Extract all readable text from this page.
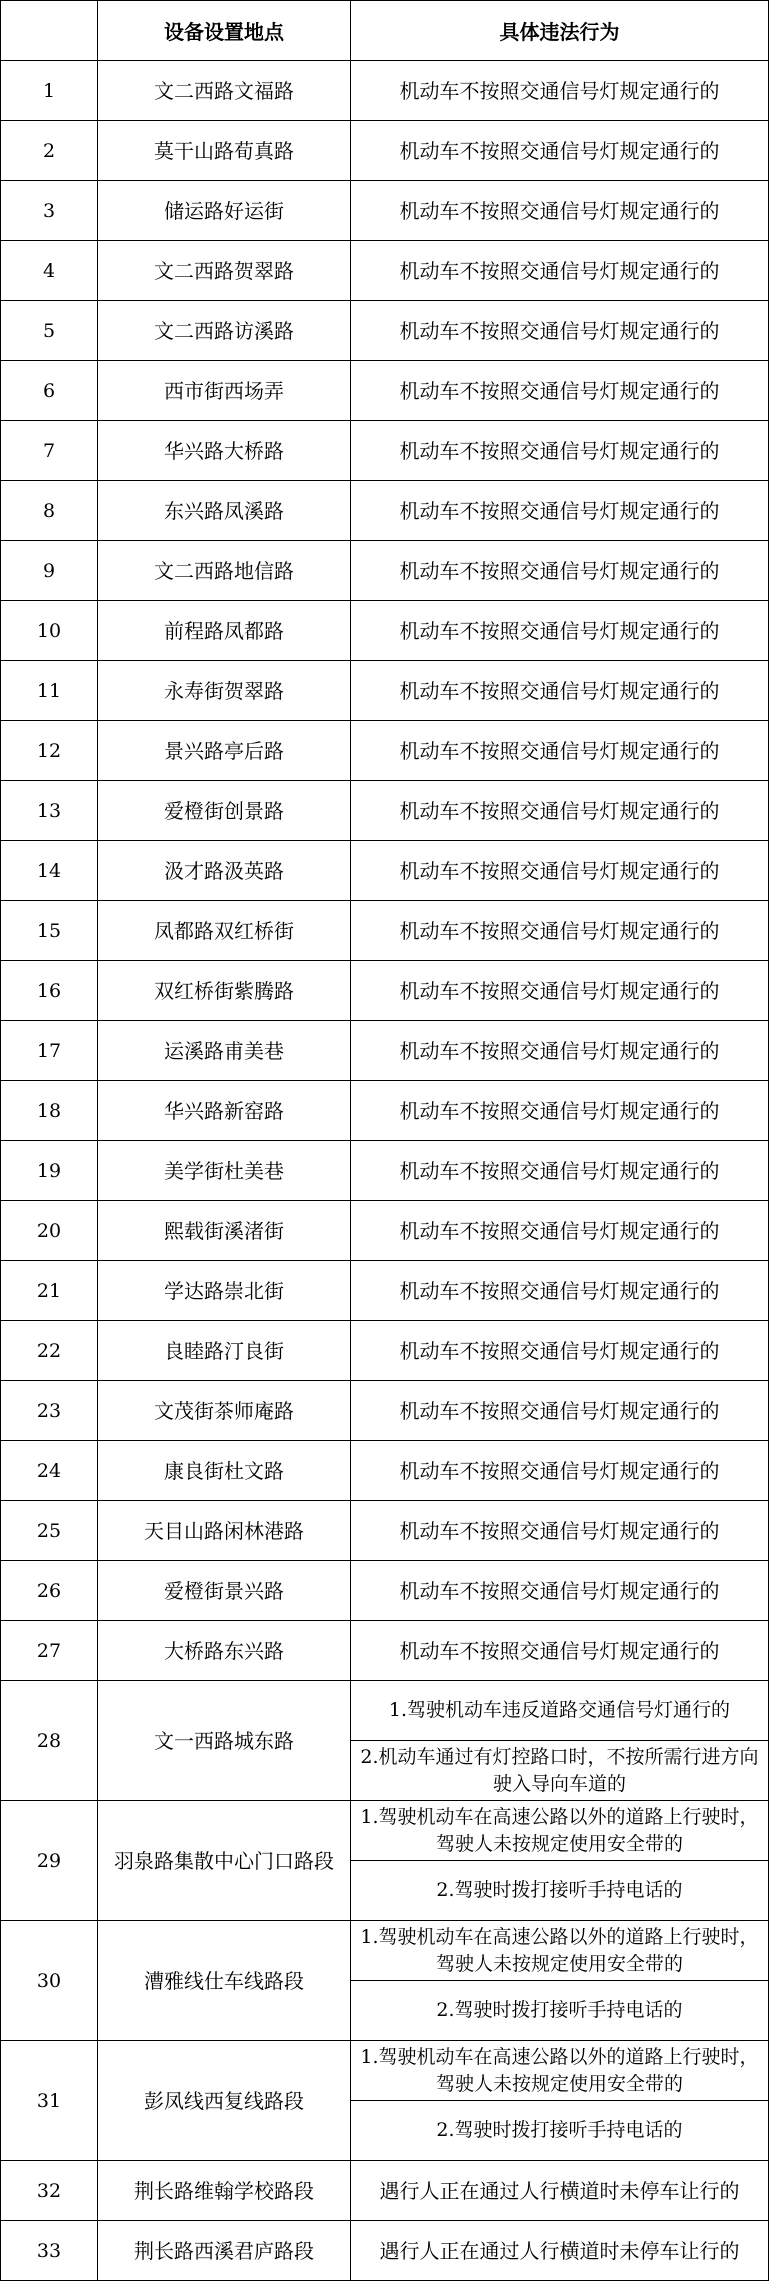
	设备设置地点	具体违法行为
1	文二西路文福路	机动车不按照交通信号灯规定通行的
2	莫干山路荀真路	机动车不按照交通信号灯规定通行的
3	储运路好运街	机动车不按照交通信号灯规定通行的
4	文二西路贺翠路	机动车不按照交通信号灯规定通行的
5	文二西路访溪路	机动车不按照交通信号灯规定通行的
6	西市街西场弄	机动车不按照交通信号灯规定通行的
7	华兴路大桥路	机动车不按照交通信号灯规定通行的
8	东兴路凤溪路	机动车不按照交通信号灯规定通行的
9	文二西路地信路	机动车不按照交通信号灯规定通行的
10	前程路凤都路	机动车不按照交通信号灯规定通行的
11	永寿街贺翠路	机动车不按照交通信号灯规定通行的
12	景兴路亭后路	机动车不按照交通信号灯规定通行的
13	爱橙街创景路	机动车不按照交通信号灯规定通行的
14	汲才路汲英路	机动车不按照交通信号灯规定通行的
15	凤都路双红桥街	机动车不按照交通信号灯规定通行的
16	双红桥街紫腾路	机动车不按照交通信号灯规定通行的
17	运溪路甫美巷	机动车不按照交通信号灯规定通行的
18	华兴路新窑路	机动车不按照交通信号灯规定通行的
19	美学街杜美巷	机动车不按照交通信号灯规定通行的
20	熙载街溪渚街	机动车不按照交通信号灯规定通行的
21	学达路崇北街	机动车不按照交通信号灯规定通行的
22	良睦路汀良街	机动车不按照交通信号灯规定通行的
23	文茂街茶师庵路	机动车不按照交通信号灯规定通行的
24	康良街杜文路	机动车不按照交通信号灯规定通行的
25	天目山路闲林港路	机动车不按照交通信号灯规定通行的
26	爱橙街景兴路	机动车不按照交通信号灯规定通行的
27	大桥路东兴路	机动车不按照交通信号灯规定通行的
28	文一西路城东路	1.驾驶机动车违反道路交通信号灯通行的
		2.机动车通过有灯控路口时，不按所需行进方向驶入导向车道的
29	羽泉路集散中心门口路段	1.驾驶机动车在高速公路以外的道路上行驶时，驾驶人未按规定使用安全带的
		2.驾驶时拨打接听手持电话的
30	漕雅线仕车线路段	1.驾驶机动车在高速公路以外的道路上行驶时，驾驶人未按规定使用安全带的
		2.驾驶时拨打接听手持电话的
31	彭凤线西复线路段	1.驾驶机动车在高速公路以外的道路上行驶时，驾驶人未按规定使用安全带的
		2.驾驶时拨打接听手持电话的
32	荆长路维翰学校路段	遇行人正在通过人行横道时未停车让行的
33	荆长路西溪君庐路段	遇行人正在通过人行横道时未停车让行的
